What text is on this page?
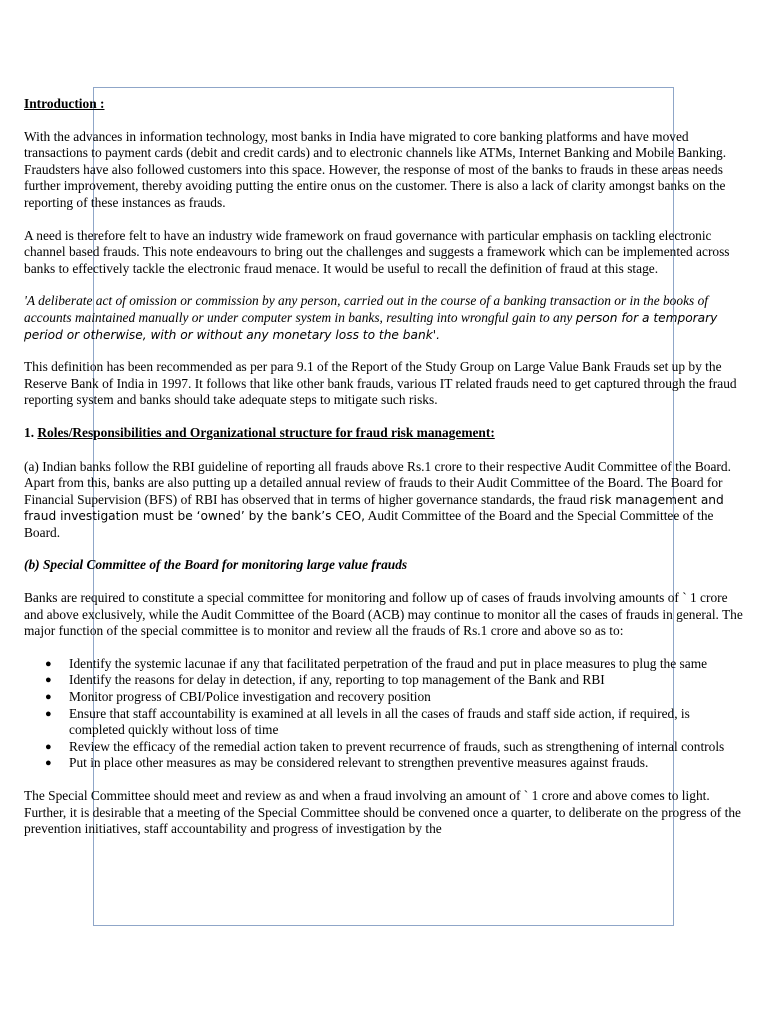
Introduction :

With the advances in information technology, most banks in India have migrated to core banking platforms and have moved transactions to payment cards (debit and credit cards) and to electronic channels like ATMs, Internet Banking and Mobile Banking. Fraudsters have also followed customers into this space. However, the response of most of the banks to frauds in these areas needs further improvement, thereby avoiding putting the entire onus on the customer. There is also a lack of clarity amongst banks on the reporting of these instances as frauds.

A need is therefore felt to have an industry wide framework on fraud governance with particular emphasis on tackling electronic channel based frauds. This note endeavours to bring out the challenges and suggests a framework which can be implemented across banks to effectively tackle the electronic fraud menace. It would be useful to recall the definition of fraud at this stage.

'A deliberate act of omission or commission by any person, carried out in the course of a banking transaction or in the books of accounts maintained manually or under computer system in banks, resulting into wrongful gain to any person for a temporary period or otherwise, with or without any monetary loss to the bank'.

This definition has been recommended as per para 9.1 of the Report of the Study Group on Large Value Bank Frauds set up by the Reserve Bank of India in 1997. It follows that like other bank frauds, various IT related frauds need to get captured through the fraud reporting system and banks should take adequate steps to mitigate such risks.

1. Roles/Responsibilities and Organizational structure for fraud risk management:

(a) Indian banks follow the RBI guideline of reporting all frauds above Rs.1 crore to their respective Audit Committee of the Board. Apart from this, banks are also putting up a detailed annual review of frauds to their Audit Committee of the Board. The Board for Financial Supervision (BFS) of RBI has observed that in terms of higher governance standards, the fraud risk management and fraud investigation must be ‘owned’ by the bank’s CEO, Audit Committee of the Board and the Special Committee of the Board.

(b) Special Committee of the Board for monitoring large value frauds

Banks are required to constitute a special committee for monitoring and follow up of cases of frauds involving amounts of ` 1 crore and above exclusively, while the Audit Committee of the Board (ACB) may continue to monitor all the cases of frauds in general. The major function of the special committee is to monitor and review all the frauds of Rs.1 crore and above so as to:

● Identify the systemic lacunae if any that facilitated perpetration of the fraud and put in place measures to plug the same
● Identify the reasons for delay in detection, if any, reporting to top management of the Bank and RBI
● Monitor progress of CBI/Police investigation and recovery position
● Ensure that staff accountability is examined at all levels in all the cases of frauds and staff side action, if required, is completed quickly without loss of time
● Review the efficacy of the remedial action taken to prevent recurrence of frauds, such as strengthening of internal controls
● Put in place other measures as may be considered relevant to strengthen preventive measures against frauds.

The Special Committee should meet and review as and when a fraud involving an amount of ` 1 crore and above comes to light. Further, it is desirable that a meeting of the Special Committee should be convened once a quarter, to deliberate on the progress of the prevention initiatives, staff accountability and progress of investigation by the
